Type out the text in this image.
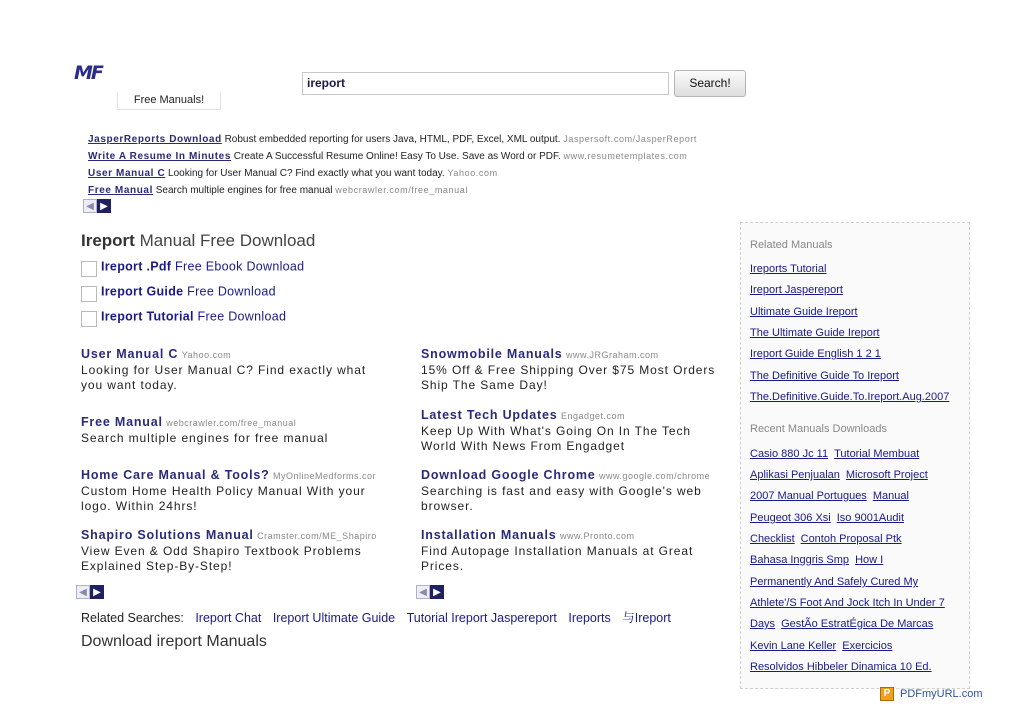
MF
Free Manuals!
ireport	Search!
JasperReports Download Robust embedded reporting for users Java, HTML, PDF, Excel, XML output. Jaspersoft.com/JasperReport
Write A Resume In Minutes Create A Successful Resume Online! Easy To Use. Save as Word or PDF. www.resumetemplates.com
User Manual C Looking for User Manual C? Find exactly what you want today. Yahoo.com
Free Manual Search multiple engines for free manual webcrawler.com/free_manual
◀ ▶
Ireport Manual Free Download
Ireport .Pdf Free Ebook Download
Ireport Guide Free Download
Ireport Tutorial Free Download
User Manual C Yahoo.com
Looking for User Manual C? Find exactly what you want today.
Free Manual webcrawler.com/free_manual
Search multiple engines for free manual
Home Care Manual & Tools? MyOnlineMedforms.cor
Custom Home Health Policy Manual With your logo. Within 24hrs!
Shapiro Solutions Manual Cramster.com/ME_Shapiro
View Even & Odd Shapiro Textbook Problems Explained Step-By-Step!
◀ ▶
Snowmobile Manuals www.JRGraham.com
15% Off & Free Shipping Over $75 Most Orders Ship The Same Day!
Latest Tech Updates Engadget.com
Keep Up With What's Going On In The Tech World With News From Engadget
Download Google Chrome www.google.com/chrome
Searching is fast and easy with Google's web browser.
Installation Manuals www.Pronto.com
Find Autopage Installation Manuals at Great Prices.
◀ ▶
Related Searches: Ireport Chat Ireport Ultimate Guide Tutorial Ireport Jaspereport Ireports 与Ireport
Download ireport Manuals
Related Manuals
Ireports Tutorial
Ireport Jaspereport
Ultimate Guide Ireport
The Ultimate Guide Ireport
Ireport Guide English 1 2 1
The Definitive Guide To Ireport
The.Definitive.Guide.To.Ireport.Aug.2007
Recent Manuals Downloads
Casio 880 Jc 11 Tutorial Membuat
Aplikasi Penjualan Microsoft Project
2007 Manual Portugues Manual
Peugeot 306 Xsi Iso 9001Audit
Checklist Contoh Proposal Ptk
Bahasa Inggris Smp How I
Permanently And Safely Cured My
Athlete'/S Foot And Jock Itch In Under 7
Days GestÃo EstratÉgica De Marcas
Kevin Lane Keller Exercicios
Resolvidos Hibbeler Dinamica 10 Ed.
P PDFmyURL.com
